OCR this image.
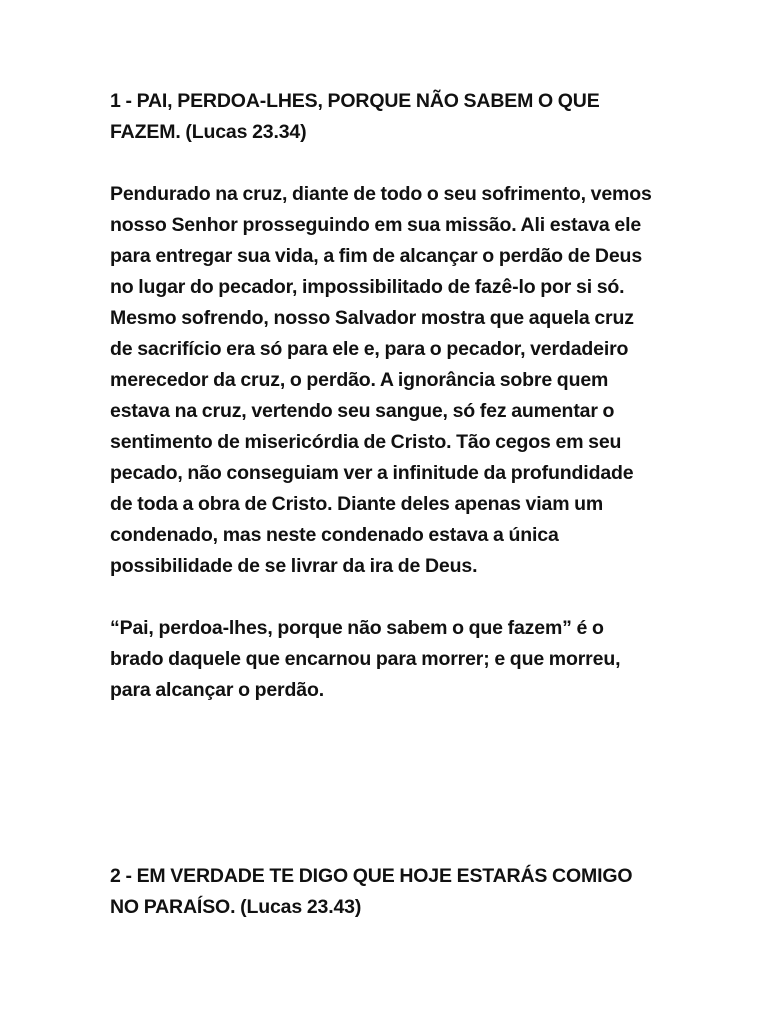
1 - PAI, PERDOA-LHES, PORQUE NÃO SABEM O QUE FAZEM. (Lucas 23.34)

Pendurado na cruz, diante de todo o seu sofrimento, vemos nosso Senhor prosseguindo em sua missão. Ali estava ele para entregar sua vida, a fim de alcançar o perdão de Deus no lugar do pecador, impossibilitado de fazê-lo por si só. Mesmo sofrendo, nosso Salvador mostra que aquela cruz de sacrifício era só para ele e, para o pecador, verdadeiro merecedor da cruz, o perdão. A ignorância sobre quem estava na cruz, vertendo seu sangue, só fez aumentar o sentimento de misericórdia de Cristo. Tão cegos em seu pecado, não conseguiam ver a infinitude da profundidade de toda a obra de Cristo. Diante deles apenas viam um condenado, mas neste condenado estava a única possibilidade de se livrar da ira de Deus.

“Pai, perdoa-lhes, porque não sabem o que fazem” é o brado daquele que encarnou para morrer; e que morreu, para alcançar o perdão.

2 - EM VERDADE TE DIGO QUE HOJE ESTARÁS COMIGO NO PARAÍSO. (Lucas 23.43)
